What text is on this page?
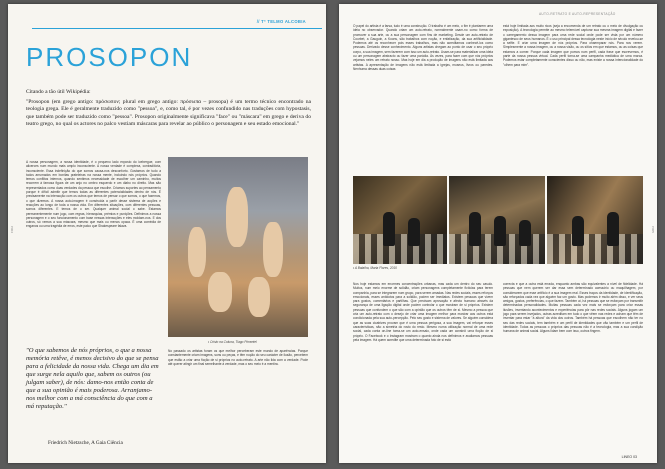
// Tª TELMO ALCOBIA
PROSOPON

Citando a tão útil Wikipédia:

"Prosopon (em grego antigo: πρόσωπον; plural em grego antigo: πρόσωπα – prosopa) é um termo técnico encontrado na teologia grega. Ele é geralmente traduzido como "pessoa", e, como tal, é por vezes confundido nas traduções com hypostasis, que também pode ser traduzido como "pessoa". Prosopon originalmente significava "face" ou "máscara" em grego e deriva do teatro grego, no qual os actores no palco vestiam máscaras para revelar ao público o personagem e seu estado emocional."

A nossa personagem, a nossa identidade, é o pequeno lado exposto do icebergue, com alicerces num mundo mais amplo inconsciente. A nossa verdade é complexa, contraditória, inconsciente. Essa indefinição do que somos causa-nos desconforto. Gostamos de tudo a todos arrumados em bonitas prateleiras na nossa mente, incluindo nós próprios. Quando temos conflitos internos, quando sentimos necessidade de escolher um caminho, muitos recorrem à famosa figura de um anjo no ombro esquerdo e um diabo no direito. Mas são representados como duas verdades da pessoa que escolhe. Criamos suportes ao pensamento porque é difícil admitir que temos todas as diferentes potencialidades dentro de nós. É precisamente na interacção com os outros que temos de pensar o que somos, o que fazemos, o que dizemos. A nossa auto-imagem é construída a partir desse sistema de acções e reacções ao longo de toda a nossa vida. Em diferentes situações, com diferentes pessoas, somos diferentes. E temos de o ser. Qualquer animal social o sabe. Estamos permanentemente num jogo, com regras, hierarquias, prémios e punições. Definimos a nossa personagem e o seu funcionamento com base nessas interacções e eles moldam-nos. E dos outros, só vemos a sua máscara, mesmo que mais ou menos opaca. É uma comédia de enganos ou uma tragédia de erros, este palco que Shakespeare falava.
• Cristo na Coluna, Tiago Pimentel
"O que sabemos de nós próprios, o que a nossa memória retêve, é menos decisivo do que se pensa para a felicidade da nossa vida. Chega um dia em que surge nela aquilo que, sabem os outros (ou julgam saber), de nós: damo-nos então conta de que a sua opinião é mais poderosa. Arranjamo-nos melhor com a má consciência do que com a má reputação."
Friedrich Nietzsche, A Gaia Ciência
No passado os artistas foram os que melhor perceberam este mundo de aparências. Porque constantemente criam imagens, sons ou peças, e têm noção do seu carácter de ilusão, percebem que estão a criar uma ficção de si próprios no auto-retrato. A arte não lida com a verdade. Pode até querer atingir um final semelhante à verdade, mas o seu meio é a mentira.
P004
AUTO-RETRATO E AUTO-REPRESENTAÇÃO
O papel do artista é a farsa, tudo é uma construção. O trabalho é um meio, o fim é plantarem uma ideia no observador. Quando criam um auto-retrato, normalmente usam-no como forma de promover a sua arte, ou a sua personagem com fins de marketing. Desde um auto-retrato de Courbet, a Gauguin, a Koons, são trabalhos com noção, e enfatização, da sua artificialidade. Podemos até os reconhecer pois esses trabalhos, mas não acreditamos conhecê-los como pessoas. Derivado desse conhecimento. Alguns artistas chegam ao ponto de usar o seu próprio corpo, a sua imagem, sem fazerem com isso um auto-retrato. Usam-se para materializar uma ideia ou um personagem abstracto ou fazer uma paródia. Às vezes, para fazer com que nós próprios vejamos neles um retrato nosso. Mas hoje em dia a produção de imagens não está limitada aos artistas. A apresentação de imagens não está limitada a igrejas, museus, livros ou paredes. Nenhuma dessas duas coisas
está hoje limitada aos muito ricos (seja a encomenda de um retrato ou o meio de divulgação ou exposição). A tecnologia permite ao mesmo telemóvel capturar sua mesma imagem digital e fazer o carregamento dessa imagem para uma rede social onde pode ser vista por um número gigantesco de seus humanos. É o uso principal dessa tecnologia neste início de século revelou-se a selfie. E criar uma imagem de nós próprios. Para ohaemparar nós. Para nos verem. Simplesmente a nossa imagem, ou a nossa visão, ou os sítios em que estamos, ou as coisas que estamos a comer. Porque cada imagem que pomos num perfil, cada frase que escrevemos, é parte da nossa pessoa virtual. Cada perfil torna-se uma campanha mediática de uma marca. Podemos estar completamente conscientes disso ou não, mas existe a nossa intencionalidade do "olhem para mim".
• A Batalha, Maria Flores, 2010
Nos hoje estamos em enormes concentrações urbanas, mas cada um dentro do seu casulo. Muitos, num meio enorme de solidão, criam personagens completamente fictícias para terem companhia, para se integrarem num grupo, para serem amadas. Nas redes sociais, esses reforços emocionais, esses antídotos para a solidão, podem ser imediatos. Existem pessoas que vivem para gostos, comentários e partilhas. Que precisam aprovação e afecto humano através da segurança de uma ligação digital onde podem controlar o que mostram de si próprios. Existem pessoas que confundem o que são com a opinião que os outros têm de si. Mesmo a pessoa que cria um auto-retrato com o desejo de criar uma imagem melhor para mostrar aos outros está condicionada pela sua auto-percepção. Pelo seu gosto e sistema de valores. Se alguém considera que as suas cicatrizes provam que é uma pessoa perigosa, a sua imagem, vai reforçar esses características, não a simetria do rosto do resto. Mesmo numa utilização normal de uma rede social, cada conta on-line toma-se um auto-ensaio, onde cada um constrói uma ficção de si próprio. O Facebook e o Instagram mostram o quanto ainda nos definimos e avaliamos pessoas pela imagem. Há quem acredite que uma determinada foto de si está
correcta e que a outra está errada, enquanto ambas são equivalentes a nível de fidelidade. Há pessoas que nem querem ser dar essa sem determinado acessório ou maquilhagem, por considerarem que esse artifício é a sua imagem real. Esses traços da identidade, de identificação, são reforçados cada vez que alguém faz um gosto. Mas podemos ir muito além disso, e ver seus amigos, gostos, preferências, o que fazem. Também aí, há pessoas que se esforçam por transmitir determinadas personalidades. Muitas pessoas cada vez mais se esforçam para criar essas ilusões, inventando acontecimentos e experiências para pôr nas redes sociais. Alguns jogam um jogo para serem invejados, outras acreditam em tudo o que vêem nas redes e acham que têm de inventar para estar "à altura" da vida dos outros. Também há pessoas que escolhem não ter no seu das redes sociais, tem também e um perfil de identidades que vão também e um perfil de identidade. Todas as pessoas o próprios das pessoas não é a tecnologia, mas a sua condição humana de animal social. Alguns lidam bem com isso, outros fingem.
LINEO 03
P005
